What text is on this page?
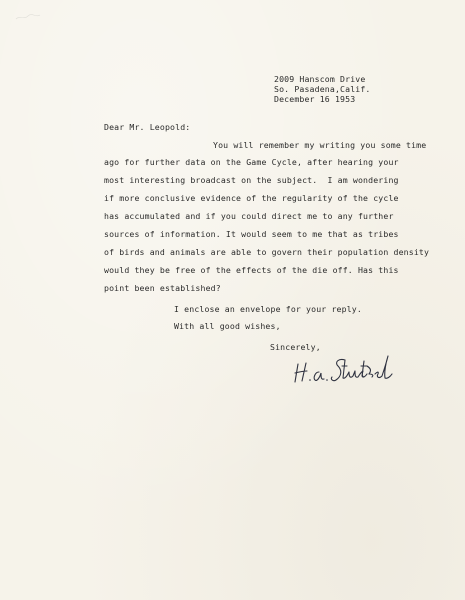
2009 Hanscom Drive
So. Pasadena,Calif.
December 16 1953
Dear Mr. Leopold:
You will remember my writing you some time
ago for further data on the Game Cycle, after hearing your
most interesting broadcast on the subject.  I am wondering
if more conclusive evidence of the regularity of the cycle
has accumulated and if you could direct me to any further
sources of information. It would seem to me that as tribes
of birds and animals are able to govern their population density
would they be free of the effects of the die off. Has this
point been established?
I enclose an envelope for your reply.
With all good wishes,
Sincerely,
